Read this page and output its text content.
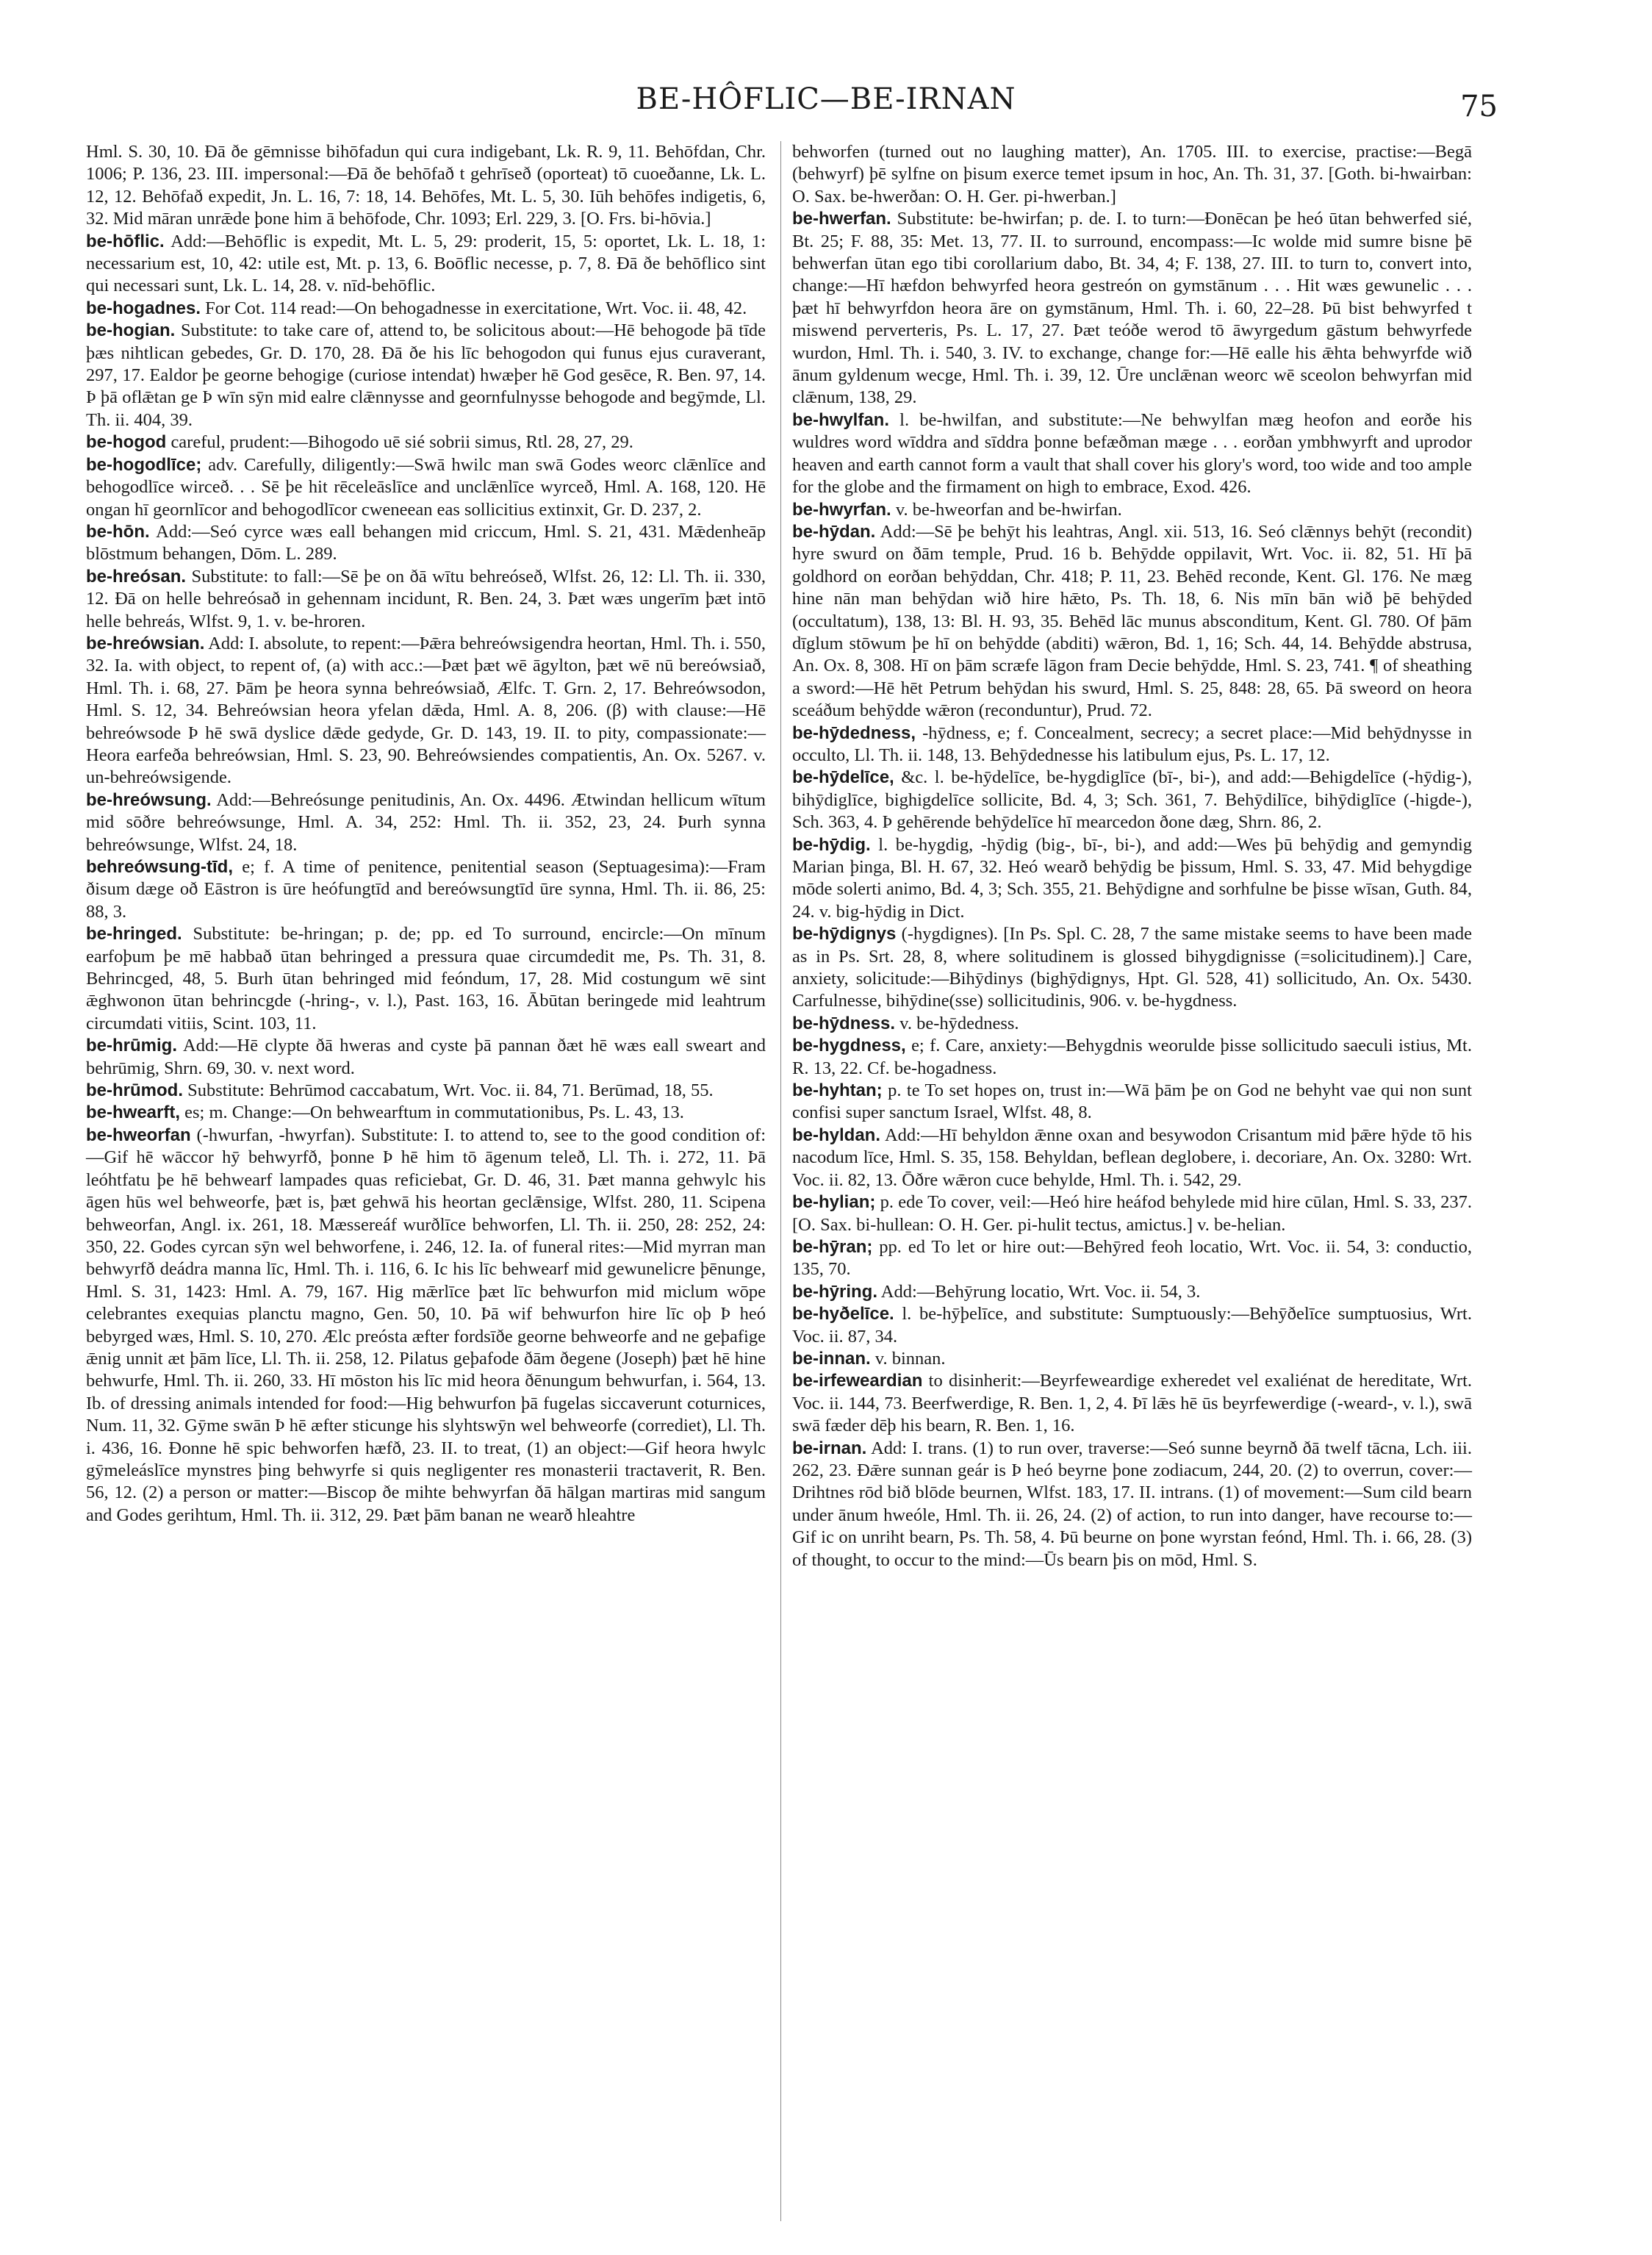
BE-HÔFLIC—BE-IRNAN	75

Hml. S. 30, 10. Ðā ðe gēmnisse bihōfadun qui cura indigebant, Lk. R. 9, 11. Behōfdan, Chr. 1006; P. 136, 23. III. impersonal:—Ðā ðe behōfað t gehrīseð (oporteat) tō cuoeðanne, Lk. L. 12, 12. Behōfað expedit, Jn. L. 16, 7: 18, 14. Behōfes, Mt. L. 5, 30. Iūh behōfes indigetis, 6, 32. Mid māran unrǣde þone him ā behōfode, Chr. 1093; Erl. 229, 3. [O. Frs. bi-hōvia.]

be-hōflic. Add:—Behōflic is expedit, Mt. L. 5, 29: proderit, 15, 5: oportet, Lk. L. 18, 1: necessarium est, 10, 42: utile est, Mt. p. 13, 6. Boōflic necesse, p. 7, 8. Ðā ðe behōflico sint qui necessari sunt, Lk. L. 14, 28. v. nīd-behōflic.

be-hogadnes. For Cot. 114 read:—On behogadnesse in exercitatione, Wrt. Voc. ii. 48, 42.

be-hogian. Substitute: to take care of, attend to, be solicitous about:—Hē behogode þā tīde þæs nihtlican gebedes, Gr. D. 170, 28. Ðā ðe his līc behogodon qui funus ejus curaverant, 297, 17. Ealdor þe georne behogige (curiose intendat) hwæþer hē God gesēce, R. Ben. 97, 14. Þ þā oflǣtan ge Þ wīn sȳn mid ealre clǣnnysse and geornfulnysse behogode and begȳmde, Ll. Th. ii. 404, 39.

be-hogod careful, prudent:—Bihogodo uē sié sobrii simus, Rtl. 28, 27, 29.

be-hogodlīce; adv. Carefully, diligently:—Swā hwilc man swā Godes weorc clǣnlīce and behogodlīce wirceð. . . Sē þe hit rēceleāslīce and unclǣnlīce wyrceð, Hml. A. 168, 120. Hē ongan hī geornlīcor and behogodlīcor cweneean eas sollicitius extinxit, Gr. D. 237, 2.

be-hōn. Add:—Seó cyrce wæs eall behangen mid criccum, Hml. S. 21, 431. Mǣdenheāp blōstmum behangen, Dōm. L. 289.

be-hreósan. Substitute: to fall:—Sē þe on ðā wītu behreóseð, Wlfst. 26, 12: Ll. Th. ii. 330, 12. Ðā on helle behreósað in gehennam incidunt, R. Ben. 24, 3. Þæt wæs ungerīm þæt intō helle behreás, Wlfst. 9, 1. v. be-hroren.

be-hreówsian. Add: I. absolute, to repent:—Þǣra behreówsigendra heortan, Hml. Th. i. 550, 32. Ia. with object, to repent of, (a) with acc.:—Þæt þæt wē āgylton, þæt wē nū bereówsiað, Hml. Th. i. 68, 27. Þām þe heora synna behreówsiað, Ælfc. T. Grn. 2, 17. Behreówsodon, Hml. S. 12, 34. Behreówsian heora yfelan dǣda, Hml. A. 8, 206. (β) with clause:—Hē behreówsode Þ hē swā dyslice dǣde gedyde, Gr. D. 143, 19. II. to pity, compassionate:—Heora earfeða behreówsian, Hml. S. 23, 90. Behreówsiendes compatientis, An. Ox. 5267. v. un-behreówsigende.

be-hreówsung. Add:—Behreósunge penitudinis, An. Ox. 4496. Ætwindan hellicum wītum mid sōðre behreówsunge, Hml. A. 34, 252: Hml. Th. ii. 352, 23, 24. Þurh synna behreówsunge, Wlfst. 24, 18.

behreówsung-tīd, e; f. A time of penitence, penitential season (Septuagesima):—Fram ðisum dæge oð Eāstron is ūre heófungtīd and bereówsungtīd ūre synna, Hml. Th. ii. 86, 25: 88, 3.

be-hringed. Substitute: be-hringan; p. de; pp. ed To surround, encircle:—On mīnum earfoþum þe mē habbað ūtan behringed a pressura quae circumdedit me, Ps. Th. 31, 8. Behrincged, 48, 5. Burh ūtan behringed mid feóndum, 17, 28. Mid costungum wē sint ǣghwonon ūtan behrincgde (-hring-, v. l.), Past. 163, 16. Ābūtan beringede mid leahtrum circumdati vitiis, Scint. 103, 11.

be-hrūmig. Add:—Hē clypte ðā hweras and cyste þā pannan ðæt hē wæs eall sweart and behrūmig, Shrn. 69, 30. v. next word.

be-hrūmod. Substitute: Behrūmod caccabatum, Wrt. Voc. ii. 84, 71. Berūmad, 18, 55.

be-hwearft, es; m. Change:—On behwearftum in commutationibus, Ps. L. 43, 13.

be-hweorfan (-hwurfan, -hwyrfan). Substitute: I. to attend to, see to the good condition of:—Gif hē wāccor hȳ behwyrfð, þonne Þ hē him tō āgenum teleð, Ll. Th. i. 272, 11. Þā leóhtfatu þe hē behwearf lampades quas reficiebat, Gr. D. 46, 31. Þæt manna gehwylc his āgen hūs wel behweorfe, þæt is, þæt gehwā his heortan geclǣnsige, Wlfst. 280, 11. Scipena behweorfan, Angl. ix. 261, 18. Mæssereáf wurðlīce behworfen, Ll. Th. ii. 250, 28: 252, 24: 350, 22. Godes cyrcan sȳn wel behworfene, i. 246, 12. Ia. of funeral rites:—Mid myrran man behwyrfð deádra manna līc, Hml. Th. i. 116, 6. Ic his līc behwearf mid gewunelicre þēnunge, Hml. S. 31, 1423: Hml. A. 79, 167. Hig mǣrlīce þæt līc behwurfon mid miclum wōpe celebrantes exequias planctu magno, Gen. 50, 10. Þā wif behwurfon hire līc oþ Þ heó bebyrged wæs, Hml. S. 10, 270. Ælc preósta æfter fordsīðe geornе behweorfe and ne geþafige ǣnig unnit æt þām līce, Ll. Th. ii. 258, 12. Pilatus geþafode ðām ðegene (Joseph) þæt hē hine behwurfe, Hml. Th. ii. 260, 33. Hī mōston his līc mid heora ðēnungum behwurfan, i. 564, 13. Ib. of dressing animals intended for food:—Hig behwurfon þā fugelas siccaverunt coturnices, Num. 11, 32. Gȳme swān Þ hē æfter sticunge his slyhtswȳn wel behweorfe (corrediet), Ll. Th. i. 436, 16. Ðonne hē spic behworfen hæfð, 23. II. to treat, (1) an object:—Gif heora hwylc gȳmeleáslīce mynstres þing behwyrfe si quis negligenter res monasterii tractaverit, R. Ben. 56, 12. (2) a person or matter:—Biscop ðe mihte behwyrfan ðā hālgan martiras mid sangum and Godes gerihtum, Hml. Th. ii. 312, 29. Þæt þām banan ne wearð hleahtre

behworfen (turned out no laughing matter), An. 1705. III. to exercise, practise:—Begā (behwyrf) þē sylfne on þisum exerce temet ipsum in hoc, An. Th. 31, 37. [Goth. bi-hwairban: O. Sax. be-hwerðan: O. H. Ger. pi-hwerban.]

be-hwerfan. Substitute: be-hwirfan; p. de. I. to turn:—Ðonēcan þe heó ūtan behwerfed sié, Bt. 25; F. 88, 35: Met. 13, 77. II. to surround, encompass:—Ic wolde mid sumre bisne þē behwerfan ūtan ego tibi corollarium dabo, Bt. 34, 4; F. 138, 27. III. to turn to, convert into, change:—Hī hæfdon behwyrfed heora gestreón on gymstānum . . . Hit wæs gewunelic . . . þæt hī behwyrfdon heora āre on gymstānum, Hml. Th. i. 60, 22–28. Þū bist behwyrfed t miswend perverteris, Ps. L. 17, 27. Þæt teóðe werod tō āwyrgedum gāstum behwyrfede wurdon, Hml. Th. i. 540, 3. IV. to exchange, change for:—Hē ealle his ǣhta behwyrfde wið ānum gyldenum wecge, Hml. Th. i. 39, 12. Ūre unclǣnan weorc wē sceolon behwyrfan mid clǣnum, 138, 29.

be-hwylfan. l. be-hwilfan, and substitute:—Ne behwylfan mæg heofon and eorðe his wuldres word wīddra and sīddra þonne befæðman mæge . . . eorðan ymbhwyrft and uprodor heaven and earth cannot form a vault that shall cover his glory's word, too wide and too ample for the globe and the firmament on high to embrace, Exod. 426.

be-hwyrfan. v. be-hweorfan and be-hwirfan.

be-hȳdan. Add:—Sē þe behȳt his leahtras, Angl. xii. 513, 16. Seó clǣnnys behȳt (recondit) hyre swurd on ðām temple, Prud. 16 b. Behȳdde oppilavit, Wrt. Voc. ii. 82, 51. Hī þā goldhord on eorðan behȳddan, Chr. 418; P. 11, 23. Behēd reconde, Kent. Gl. 176. Ne mæg hine nān man behȳdan wið hire hǣto, Ps. Th. 18, 6. Nis mīn bān wið þē behȳded (occultatum), 138, 13: Bl. H. 93, 35. Behēd lāc munus absconditum, Kent. Gl. 780. Of þām dīglum stōwum þe hī on behȳdde (abditi) wǣron, Bd. 1, 16; Sch. 44, 14. Behȳdde abstrusa, An. Ox. 8, 308. Hī on þām scræfe lāgon fram Decie behȳdde, Hml. S. 23, 741. ¶ of sheathing a sword:—Hē hēt Petrum behȳdan his swurd, Hml. S. 25, 848: 28, 65. Þā sweord on heora sceáðum behȳdde wǣron (reconduntur), Prud. 72.

be-hȳdedness, -hȳdness, e; f. Concealment, secrecy; a secret place:—Mid behȳdnysse in occulto, Ll. Th. ii. 148, 13. Behȳdednesse his latibulum ejus, Ps. L. 17, 12.

be-hȳdelīce, &c. l. be-hȳdelīce, be-hygdiglīce (bī-, bi-), and add:—Behigdelīce (-hȳdig-), bihȳdiglīce, bighigdelīce sollicite, Bd. 4, 3; Sch. 361, 7. Behȳdilīce, bihȳdiglīce (-higde-), Sch. 363, 4. Þ gehērende behȳdelīce hī mearcedon ðone dæg, Shrn. 86, 2.

be-hȳdig. l. be-hygdig, -hȳdig (big-, bī-, bi-), and add:—Wes þū behȳdig and gemyndig Marian þinga, Bl. H. 67, 32. Heó wearð behȳdig be þissum, Hml. S. 33, 47. Mid behygdige mōde solerti animo, Bd. 4, 3; Sch. 355, 21. Behȳdigne and sorhfulne be þisse wīsan, Guth. 84, 24. v. big-hȳdig in Dict.

be-hȳdignys (-hygdignes). [In Ps. Spl. C. 28, 7 the same mistake seems to have been made as in Ps. Srt. 28, 8, where solitudinem is glossed bihygdignisse (=solicitudinem).] Care, anxiety, solicitude:—Bihȳdinys (bighȳdignys, Hpt. Gl. 528, 41) sollicitudo, An. Ox. 5430. Carfulnesse, bihȳdine(sse) sollicitudinis, 906. v. be-hygdness.

be-hȳdness. v. be-hȳdedness.

be-hygdness, e; f. Care, anxiety:—Behygdnis weorulde þisse sollicitudo saeculi istius, Mt. R. 13, 22. Cf. be-hogadness.

be-hyhtan; p. te To set hopes on, trust in:—Wā þām þe on God ne behyht vae qui non sunt confisi super sanctum Israel, Wlfst. 48, 8.

be-hyldan. Add:—Hī behyldon ǣnne oxan and besywodon Crisantum mid þǣre hȳde tō his nacodum līce, Hml. S. 35, 158. Behyldan, beflean deglobere, i. decoriare, An. Ox. 3280: Wrt. Voc. ii. 82, 13. Ōðre wǣron cuce behylde, Hml. Th. i. 542, 29.

be-hylian; p. ede To cover, veil:—Heó hire heáfod behylede mid hire cūlan, Hml. S. 33, 237. [O. Sax. bi-hullean: O. H. Ger. pi-hulit tectus, amictus.] v. be-helian.

be-hȳran; pp. ed To let or hire out:—Behȳred feoh locatio, Wrt. Voc. ii. 54, 3: conductio, 135, 70.

be-hȳring. Add:—Behȳrung locatio, Wrt. Voc. ii. 54, 3.

be-hyðelīce. l. be-hȳþelīce, and substitute: Sumptuously:—Behȳðelīce sumptuosius, Wrt. Voc. ii. 87, 34.

be-innan. v. binnan.

be-irfeweardian to disinherit:—Beyrfeweardige exheredet vel exaliénat de hereditate, Wrt. Voc. ii. 144, 73. Beerfwerdige, R. Ben. 1, 2, 4. Þī lǣs hē ūs beyrfewerdige (-weard-, v. l.), swā swā fæder dēþ his bearn, R. Ben. 1, 16.

be-irnan. Add: I. trans. (1) to run over, traverse:—Seó sunne beyrnð ðā twelf tācna, Lch. iii. 262, 23. Ðǣre sunnan geár is Þ heó beyrne þone zodiacum, 244, 20. (2) to overrun, cover:—Drihtnes rōd bið blōde beurnen, Wlfst. 183, 17. II. intrans. (1) of movement:—Sum cild bearn under ānum hweóle, Hml. Th. ii. 26, 24. (2) of action, to run into danger, have recourse to:—Gif ic on unriht bearn, Ps. Th. 58, 4. Þū beurne on þone wyrstan feónd, Hml. Th. i. 66, 28. (3) of thought, to occur to the mind:—Ūs bearn þis on mōd, Hml. S.
